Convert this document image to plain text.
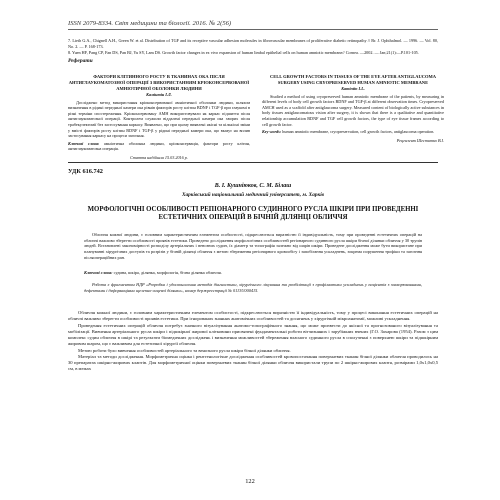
ISSN 2079-8334. Світ медицини та біології. 2016. № 2(56)
7. Lieth G.A., Chignell A.H., Green W. et al. Distribution of TGF and its receptive vascular adhesion molecules in fibrovascular membranes of proliferative diabetic retinopathy // Br. J. Ophthalmol. — 1996. — Vol. 80, No. 2. — P. 168-173.
8. Yuen HF, Pang CP, Fan DS, Pan BJ, Yu SY, Lam DS. Growth factor changes in ex vivo expansion of human limbal epithelial cells on human amniotic membrane// Cornea. —2002. — Jan;21(1):—Р.101-105.
Реферати
ФАКТОРИ КЛІТИННОГО РОСТУ В ТКАНИНАХ ОКА ПІСЛЯ АНТИГЛАУКОМАТОЗНОЇ ОПЕРАЦІЇ З ВИКОРИСТАННЯМ КРІОКОНСЕРВОВАНОЇ АМНІОТИЧНОЇ ОБОЛОНКИ ЛЮДИНИ
Камінтін І.Л.
Досліджено метод використання кріоконсервованої амніотичної оболонки людини, шляхом визначення в рідині передньої камери ока рівнів факторів росту клітин BDNF і TGF-β при глаукомі в різні терміни спостереження. Кріоконсервовану АМН використовували як каркас підшиття після антиглаукоматозної операції. Контролем служили віддалені передньої камери ока хворих після трабекулектомії без застосування каркасу. Виявлено, що при цьому виявлені якісні та кількісні зміни у вмісті факторів росту клітин BDNF і TGF-β у рідині передньої камери ока, що вказує на вплив застосування каркасу на процеси загоєння.
Ключові слова: амніотична оболонка людини, кріоконсервація, фактори росту клітин, антиглаукоматозна операція.
Стаття надійшла 15.03.2016 р.
CELL GROWTH FACTORS IN TISSUES OF THE EYE AFTER ANTIGLAUCOMA SURGERY USING CRYOPRESERVED HUMAN AMNIOTIC MEMBRANE
Kamintin I.L.
Studied a method of using cryopreserved human amniotic membrane of the patients, by measuring in different levels of body cell growth factors BDNF and TGF-β at different observation times. Cryopreserved AMCH used as a scaffold after antiglaucoma surgery. Measured content of biologically active substances in body tissues antiglaucomatous vision after surgery, it is shown that there is a qualitative and quantitative relationship accumulation BDNF and TGF cell growth factors, the type of eye tissue frames according to cell growth factor.
Key words: human amniotic membrane, cryopreservation, cell growth factors, antiglaucoma operation.
Рецензент Шеститко В.І.
УДК 616.742
В. І. Кушніюков, С. М. Білаш
Харківський національний медичний університет, м. Харків
МОРФОЛОГІЧНІ ОСОБЛИВОСТІ РЕПІОНАРНОГО СУДИННОГО РУСЛА ШКІРИ ПРИ ПРОВЕДЕННІ ЕСТЕТИЧНИХ ОПЕРАЦІЙ В БІЧНІЙ ДІЛЯНЦІ ОБЛИЧЧЯ
Обличчя кожної людини, є головним характеристичним елементом особистості, підкреслюється виразністю її індивідуальність, тому при проведенні естетичних операцій на обличчі важливо зберегти особливості проявів естетики. Проведено дослідження морфологічних особливостей регіонарного судинного русла шкіри бічної ділянки обличчя у 30 трупів людей. Встановлені закономірності розподілу артеріальних і венозних судин, їх діаметр та топографія залежно від шарів шкіри. Проведене дослідження може бути використане при плануванні хірургічних доступів та розрізів у бічній ділянці обличчя з метою збереження регіонарного кровообігу і запобігання ускладнень, зокрема порушення трофіки та загоєння післяопераційних ран.
Ключові слова: судина, шкіра, ділянка, морфологія, бічна ділянка обличчя.
Робота є фрагментом НДР «Розробка і удосконалення методів діагностики, хірургічного лікування та реабілітації з профілактики ускладнень у пацієнтів з захворюваннями, дефектами і деформаціями щелепно-лицевої ділянки», номер держреєстрації № 0113U000415.

Обличчя кожної людини, є головним характеристичним елементом особистості, підкреслюється виразністю її індивідуальність, тому у процесі виконання естетичних операцій на обличчі важливо зберегти особливості проявів естетики. При ігнорованих знаннях анатомічних особливостей та досягнень у хірургічній мікроанатомії, можливі ускладнення.

Проведення естетичних операцій обличчя потребує значного візуалізування анатомо-топографічного знання, що може призвести до якісної та прогнозованого візуалізування та мобілізації. Вивчення артеріального русла шкіри і підшкірної жирової клітковини присвячені фундаментальні роботи вітчизняних і зарубіжних вчених (Г.О. Захарова (1954). Разом з цим комплекс судин обличчя в шкірі та результати біомедичних досліджень і визначення можливостей збереження власного судинного русла в сполученні з поверхнею шкіри та підшкірним жировим шаром, що є важливим для естетичної хірургії обличчя.

Метою роботи було вивчення особливостей артеріального та венозного русла шкіри бічної ділянки обличчя.

Матеріал та методи дослідження. Морфометрична оцінка і рентгенологічне дослідження особливостей кровопостачання поверхневих тканин бічної ділянки обличчя проводилось на 30 препаратах шкірно-жирових клаптів. Для морфометричної оцінки поверхневих тканин бічної ділянки обличчя використали трупи по 2 шкірно-жирових клаптя, розмірами 1,0х1,0х0,5 см, в межах

122
